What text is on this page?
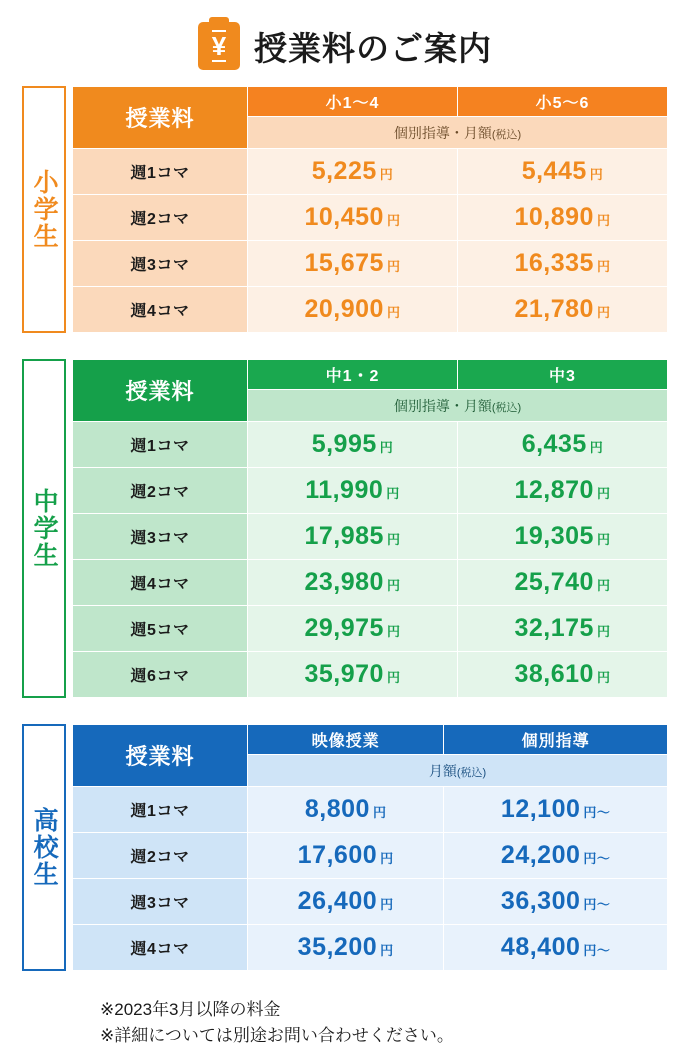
¥ 授業料のご案内
小学生
授業料	小1〜4	小5〜6
	個別指導・月額(税込)	
週1コマ	5,225 円	5,445 円
週2コマ	10,450 円	10,890 円
週3コマ	15,675 円	16,335 円
週4コマ	20,900 円	21,780 円
中学生
授業料	中1・2	中3
	個別指導・月額(税込)	
週1コマ	5,995 円	6,435 円
週2コマ	11,990 円	12,870 円
週3コマ	17,985 円	19,305 円
週4コマ	23,980 円	25,740 円
週5コマ	29,975 円	32,175 円
週6コマ	35,970 円	38,610 円
高校生
授業料	映像授業	個別指導
	月額(税込)	
週1コマ	8,800 円	12,100 円〜
週2コマ	17,600 円	24,200 円〜
週3コマ	26,400 円	36,300 円〜
週4コマ	35,200 円	48,400 円〜
※2023年3月以降の料金
※詳細については別途お問い合わせください。
